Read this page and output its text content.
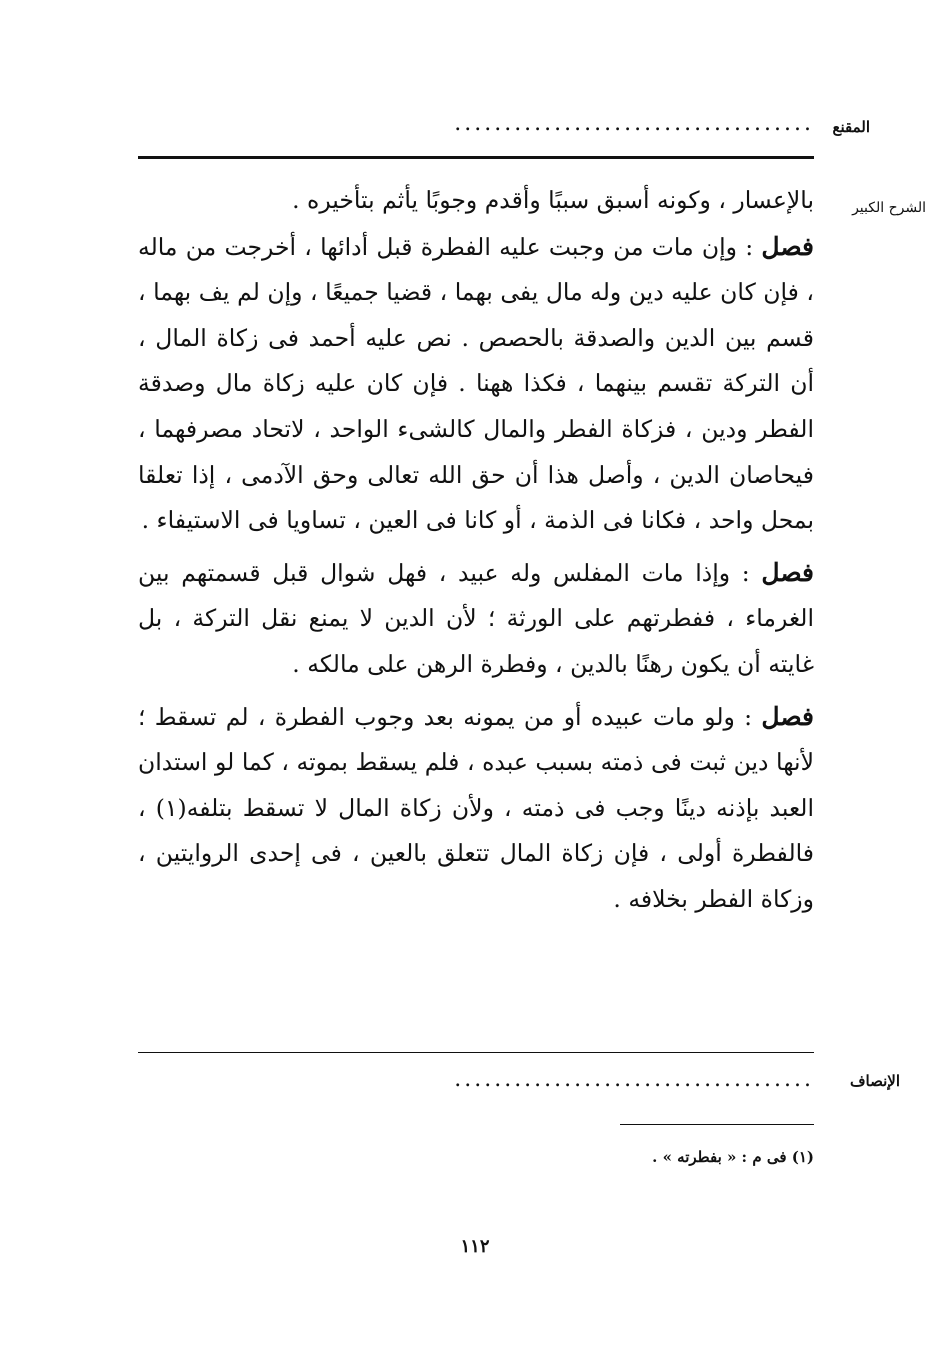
المقنع
....................................
الشرح الكبير

بالإعسار ، وكونه أسبق سببًا وأقدم وجوبًا يأثم بتأخيره .

فصل : وإن مات من وجبت عليه الفطرة قبل أدائها ، أخرجت من ماله ، فإن كان عليه دين وله مال يفى بهما ، قضيا جميعًا ، وإن لم يف بهما ، قسم بين الدين والصدقة بالحصص . نص عليه أحمد فى زكاة المال ، أن التركة تقسم بينهما ، فكذا ههنا . فإن كان عليه زكاة مال وصدقة الفطر ودين ، فزكاة الفطر والمال كالشىء الواحد ، لاتحاد مصرفهما ، فيحاصان الدين ، وأصل هذا أن حق الله تعالى وحق الآدمى ، إذا تعلقا بمحل واحد ، فكانا فى الذمة ، أو كانا فى العين ، تساويا فى الاستيفاء .

فصل : وإذا مات المفلس وله عبيد ، فهل شوال قبل قسمتهم بين الغرماء ، ففطرتهم على الورثة ؛ لأن الدين لا يمنع نقل التركة ، بل غايته أن يكون رهنًا بالدين ، وفطرة الرهن على مالكه .

فصل : ولو مات عبيده أو من يمونه بعد وجوب الفطرة ، لم تسقط ؛ لأنها دين ثبت فى ذمته بسبب عبده ، فلم يسقط بموته ، كما لو استدان العبد بإذنه دينًا وجب فى ذمته ، ولأن زكاة المال لا تسقط بتلفه(١) ، فالفطرة أولى ، فإن زكاة المال تتعلق بالعين ، فى إحدى الروايتين ، وزكاة الفطر بخلافه .

الإنصاف
....................................
(١) فى م : « بفطرته » .
١١٢
